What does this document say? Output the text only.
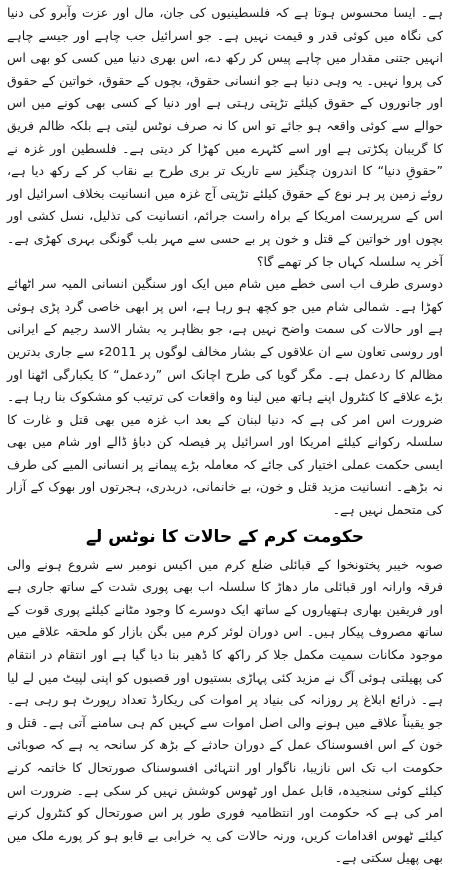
ہے۔ ایسا محسوس ہوتا ہے کہ فلسطینیوں کی جان، مال اور عزت وآبرو کی دنیا کی نگاہ میں کوئی قدر و قیمت نہیں ہے۔ جو اسرائیل جب چاہے اور جیسے چاہے انہیں جتنی مقدار میں چاہے پیس کر رکھ دے، اس بھری دنیا میں کسی کو بھی اس کی پروا نہیں۔ یہ وہی دنیا ہے جو انسانی حقوق، بچوں کے حقوق، خواتین کے حقوق اور جانوروں کے حقوق کیلئے تڑپتی رہتی ہے اور دنیا کے کسی بھی کونے میں اس حوالے سے کوئی واقعہ ہو جائے تو اس کا نہ صرف نوٹس لیتی ہے بلکہ ظالم فریق کا گریبان پکڑتی ہے اور اسے کٹہرے میں کھڑا کر دیتی ہے۔ فلسطین اور غزہ نے ”حقوقِ دنیا“ کا اندرون چنگیز سے تاریک تر بری طرح بے نقاب کر کے رکھ دیا ہے، روئے زمین پر ہر نوع کے حقوق کیلئے تڑپتی آج غزہ میں انسانیت بخلاف اسرائیل اور اس کے سرپرست امریکا کے براہ راست جرائم، انسانیت کی تذلیل، نسل کشی اور بچوں اور خواتین کے قتل و خون پر بے حسی سے مہر بلب گونگی بہری کھڑی ہے۔ آخر یہ سلسلہ کہاں جا کر تھمے گا؟

دوسری طرف اب اسی خطے میں شام میں ایک اور سنگین انسانی المیہ سر اٹھائے کھڑا ہے۔ شمالی شام میں جو کچھ ہو رہا ہے، اس پر ابھی خاصی گرد پڑی ہوئی ہے اور حالات کی سمت واضح نہیں ہے، جو بظاہر یہ بشار الاسد رجیم کے ایرانی اور روسی تعاون سے ان علاقوں کے بشار مخالف لوگوں پر 2011ء سے جاری بدترین مظالم کا ردعمل ہے۔ مگر گویا کی طرح اچانک اس ”ردعمل“ کا یکبارگی اٹھنا اور بڑے علاقے کا کنٹرول اپنے ہاتھ میں لینا وہ واقعات کی ترتیب کو مشکوک بنا رہا ہے۔ ضرورت اس امر کی ہے کہ دنیا لبنان کے بعد اب غزہ میں بھی قتل و غارت کا سلسلہ رکوانے کیلئے امریکا اور اسرائیل پر فیصلہ کن دباؤ ڈالے اور شام میں بھی ایسی حکمت عملی اختیار کی جائے کہ معاملہ بڑے پیمانے پر انسانی المیے کی طرف نہ بڑھے۔ انسانیت مزید قتل و خون، بے خانمانی، دربدری، ہجرتوں اور بھوک کے آزار کی متحمل نہیں ہے۔

حکومت کرم کے حالات کا نوٹس لے

صوبہ خیبر پختونخوا کے قبائلی ضلع کرم میں اکیس نومبر سے شروع ہونے والی فرقہ وارانہ اور قبائلی مار دھاڑ کا سلسلہ اب بھی پوری شدت کے ساتھ جاری ہے اور فریقین بھاری ہتھیاروں کے ساتھ ایک دوسرے کا وجود مٹانے کیلئے پوری قوت کے ساتھ مصروف پیکار ہیں۔ اس دوران لوئر کرم میں بگن بازار کو ملحقہ علاقے میں موجود مکانات سمیت مکمل جلا کر راکھ کا ڈھیر بنا دیا گیا ہے اور انتقام در انتقام کی پھیلتی ہوئی آگ نے مزید کئی پہاڑی بستیوں اور قصبوں کو اپنی لپیٹ میں لے لیا ہے۔ ذرائع ابلاغ پر روزانہ کی بنیاد پر اموات کی ریکارڈ تعداد رپورٹ ہو رہی ہے۔ جو یقیناً علاقے میں ہونے والی اصل اموات سے کہیں کم ہی سامنے آتی ہے۔ قتل و خون کے اس افسوسناک عمل کے دوران حادثے کے بڑھ کر سانحہ یہ ہے کہ صوبائی حکومت اب تک اس نازیبا، ناگوار اور انتہائی افسوسناک صورتحال کا خاتمہ کرنے کیلئے کوئی سنجیدہ، قابل عمل اور ٹھوس کوشش نہیں کر سکی ہے۔ ضرورت اس امر کی ہے کہ حکومت اور انتظامیہ فوری طور پر اس صورتحال کو کنٹرول کرنے کیلئے ٹھوس اقدامات کریں، ورنہ حالات کی یہ خرابی بے قابو ہو کر پورے ملک میں بھی پھیل سکتی ہے۔
